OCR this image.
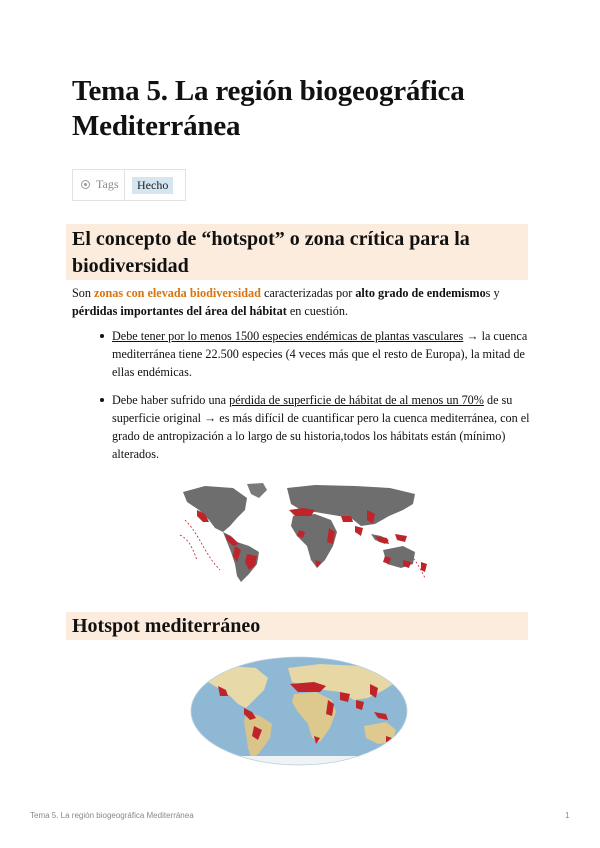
Tema 5. La región biogeográfica Mediterránea
Tags	Hecho
El concepto de “hotspot” o zona crítica para la biodiversidad

Son zonas con elevada biodiversidad caracterizadas por alto grado de endemismos y pérdidas importantes del área del hábitat en cuestión.

Debe tener por lo menos 1500 especies endémicas de plantas vasculares → la cuenca mediterránea tiene 22.500 especies (4 veces más que el resto de Europa), la mitad de ellas endémicas.
Debe haber sufrido una pérdida de superficie de hábitat de al menos un 70% de su superficie original → es más difícil de cuantificar pero la cuenca mediterránea, con el grado de antropización a lo largo de su historia,todos los hábitats están (mínimo) alterados.
Hotspot mediterráneo
Tema 5. La región biogeográfica Mediterránea	1
